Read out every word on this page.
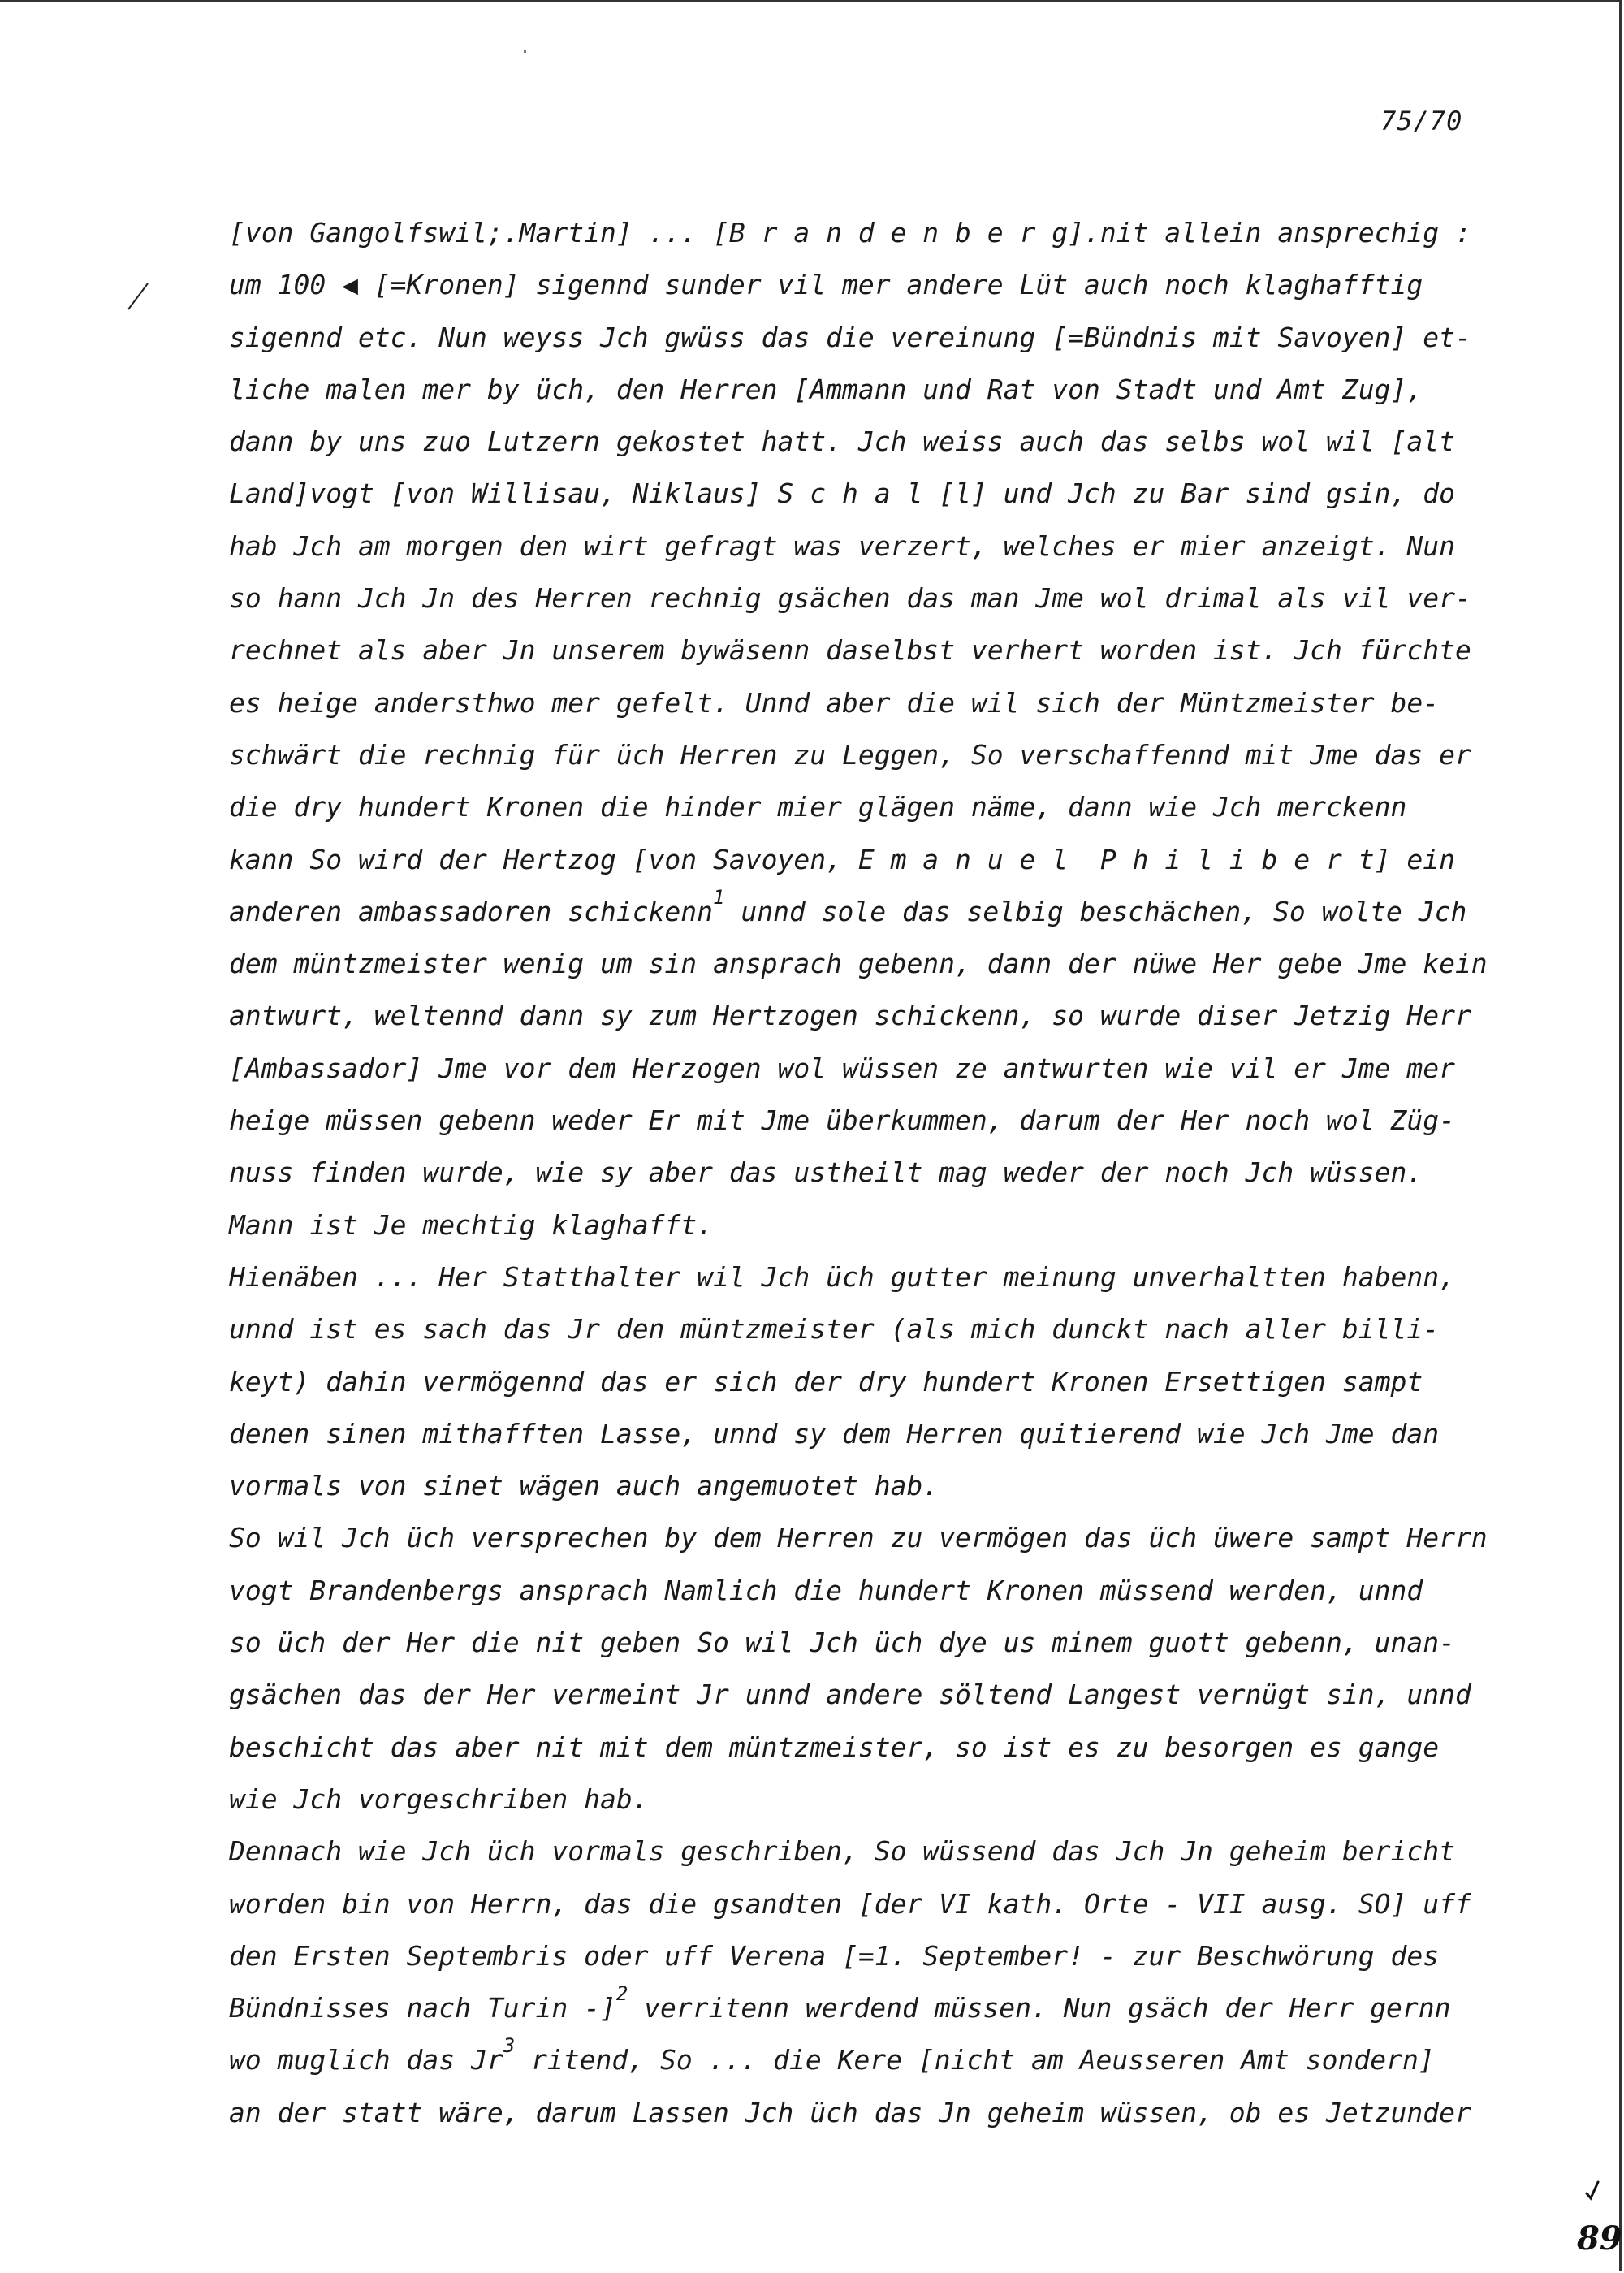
75/70
[von Gangolfswil;.Martin] ... [B r a n d e n b e r g].nit allein ansprechig :
um 100 ◀ [=Kronen] sigennd sunder vil mer andere Lüt auch noch klaghafftig
sigennd etc. Nun weyss Jch gwüss das die vereinung [=Bündnis mit Savoyen] et-
liche malen mer by üch, den Herren [Ammann und Rat von Stadt und Amt Zug],
dann by uns zuo Lutzern gekostet hatt. Jch weiss auch das selbs wol wil [alt
Land]vogt [von Willisau, Niklaus] S c h a l [l] und Jch zu Bar sind gsin, do
hab Jch am morgen den wirt gefragt was verzert, welches er mier anzeigt. Nun
so hann Jch Jn des Herren rechnig gsächen das man Jme wol drimal als vil ver-
rechnet als aber Jn unserem bywäsenn daselbst verhert worden ist. Jch fürchte
es heige andersthwo mer gefelt. Unnd aber die wil sich der Müntzmeister be-
schwärt die rechnig für üch Herren zu Leggen, So verschaffennd mit Jme das er
die dry hundert Kronen die hinder mier glägen näme, dann wie Jch merckenn
kann So wird der Hertzog [von Savoyen, E m a n u e l  P h i l i b e r t] ein
anderen ambassadoren schickenn$^1$ unnd sole das selbig beschächen, So wolte Jch
dem müntzmeister wenig um sin ansprach gebenn, dann der nüwe Her gebe Jme kein
antwurt, weltennd dann sy zum Hertzogen schickenn, so wurde diser Jetzig Herr
[Ambassador] Jme vor dem Herzogen wol wüssen ze antwurten wie vil er Jme mer
heige müssen gebenn weder Er mit Jme überkummen, darum der Her noch wol Züg-
nuss finden wurde, wie sy aber das ustheilt mag weder der noch Jch wüssen.
Mann ist Je mechtig klaghafft.
Hienäben ... Her Statthalter wil Jch üch gutter meinung unverhaltten habenn,
unnd ist es sach das Jr den müntzmeister (als mich dunckt nach aller billi-
keyt) dahin vermögennd das er sich der dry hundert Kronen Ersettigen sampt
denen sinen mithafften Lasse, unnd sy dem Herren quitierend wie Jch Jme dan
vormals von sinet wägen auch angemuotet hab.
So wil Jch üch versprechen by dem Herren zu vermögen das üch üwere sampt Herrn
vogt Brandenbergs ansprach Namlich die hundert Kronen müssend werden, unnd
so üch der Her die nit geben So wil Jch üch dye us minem guott gebenn, unan-
gsächen das der Her vermeint Jr unnd andere söltend Langest vernügt sin, unnd
beschicht das aber nit mit dem müntzmeister, so ist es zu besorgen es gange
wie Jch vorgeschriben hab.
Dennach wie Jch üch vormals geschriben, So wüssend das Jch Jn geheim bericht
worden bin von Herrn, das die gsandten [der VI kath. Orte - VII ausg. SO] uff
den Ersten Septembris oder uff Verena [=1. September! - zur Beschwörung des
Bündnisses nach Turin -]$^2$ verritenn werdend müssen. Nun gsäch der Herr gernn
wo muglich das Jr$^3$ ritend, So ... die Kere [nicht am Aeusseren Amt sondern]
an der statt wäre, darum Lassen Jch üch das Jn geheim wüssen, ob es Jetzunder
89
